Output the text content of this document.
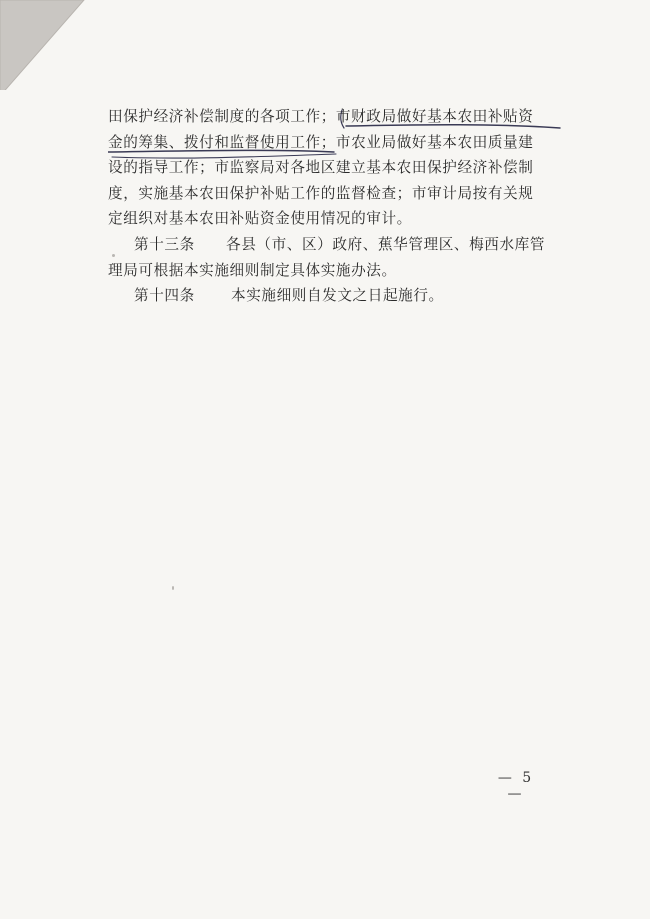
田保护经济补偿制度的各项工作；市财政局做好基本农田补贴资
金的筹集、拨付和监督使用工作；市农业局做好基本农田质量建
设的指导工作；市监察局对各地区建立基本农田保护经济补偿制
度，实施基本农田保护补贴工作的监督检查；市审计局按有关规
定组织对基本农田补贴资金使用情况的审计。
第十三条 各县（市、区）政府、蕉华管理区、梅西水库管
理局可根据本实施细则制定具体实施办法。
第十四条 本实施细则自发文之日起施行。
— 5 —
